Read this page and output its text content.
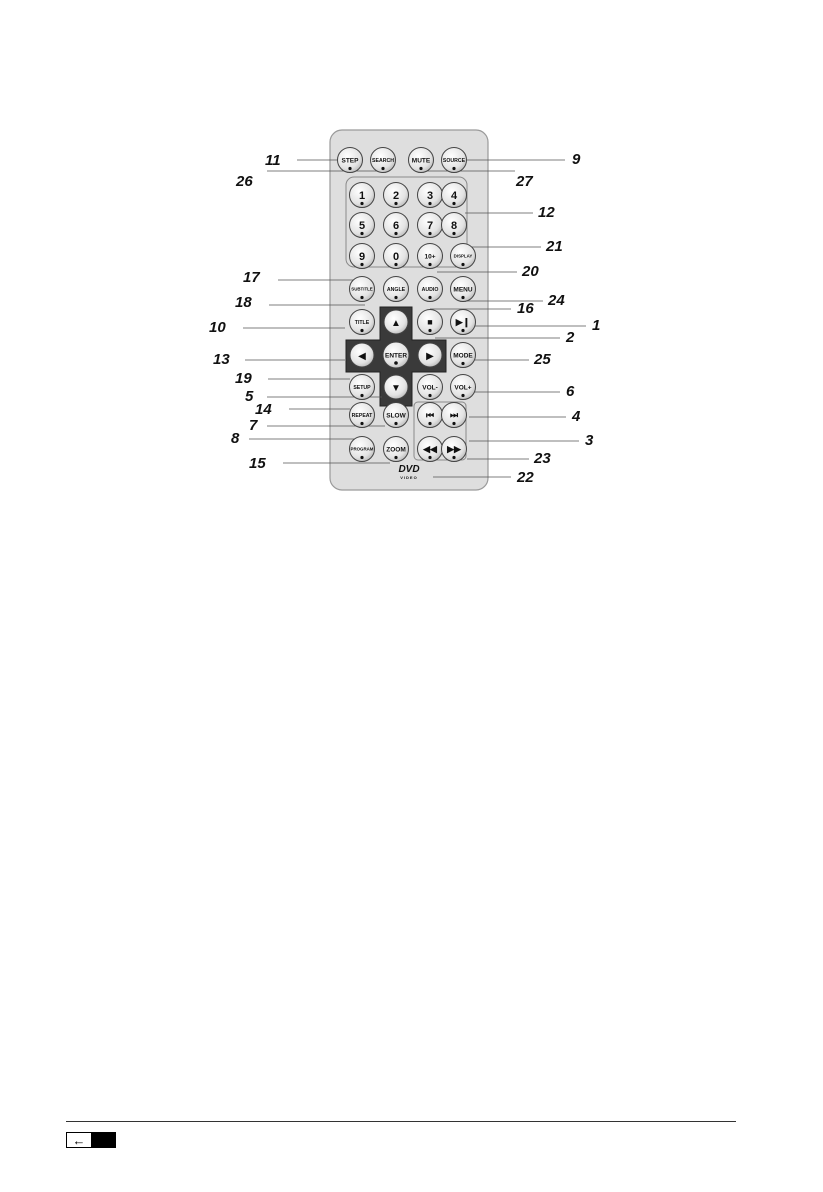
STEP	SEARCH	MUTE SOURCE
1	2	3 4
5	6	7 8
9	0	10+	DISPLAY
SUBTITLE	ANGLE	AUDIO MENU
TITLE	■	▶❙
MODE
SETUP	VOL-	VOL+
REPEAT SLOW ⏮ ⏭
PROGRAM ZOOM ◀◀ ▶▶
▲
▼
◀	▶
ENTER
11
26
9
27
12
21
20
17
24
16
18
1
10
2
13	25
19
6
5
14	4
7
8	3
23
15
22
DVD
VIDEO
←
